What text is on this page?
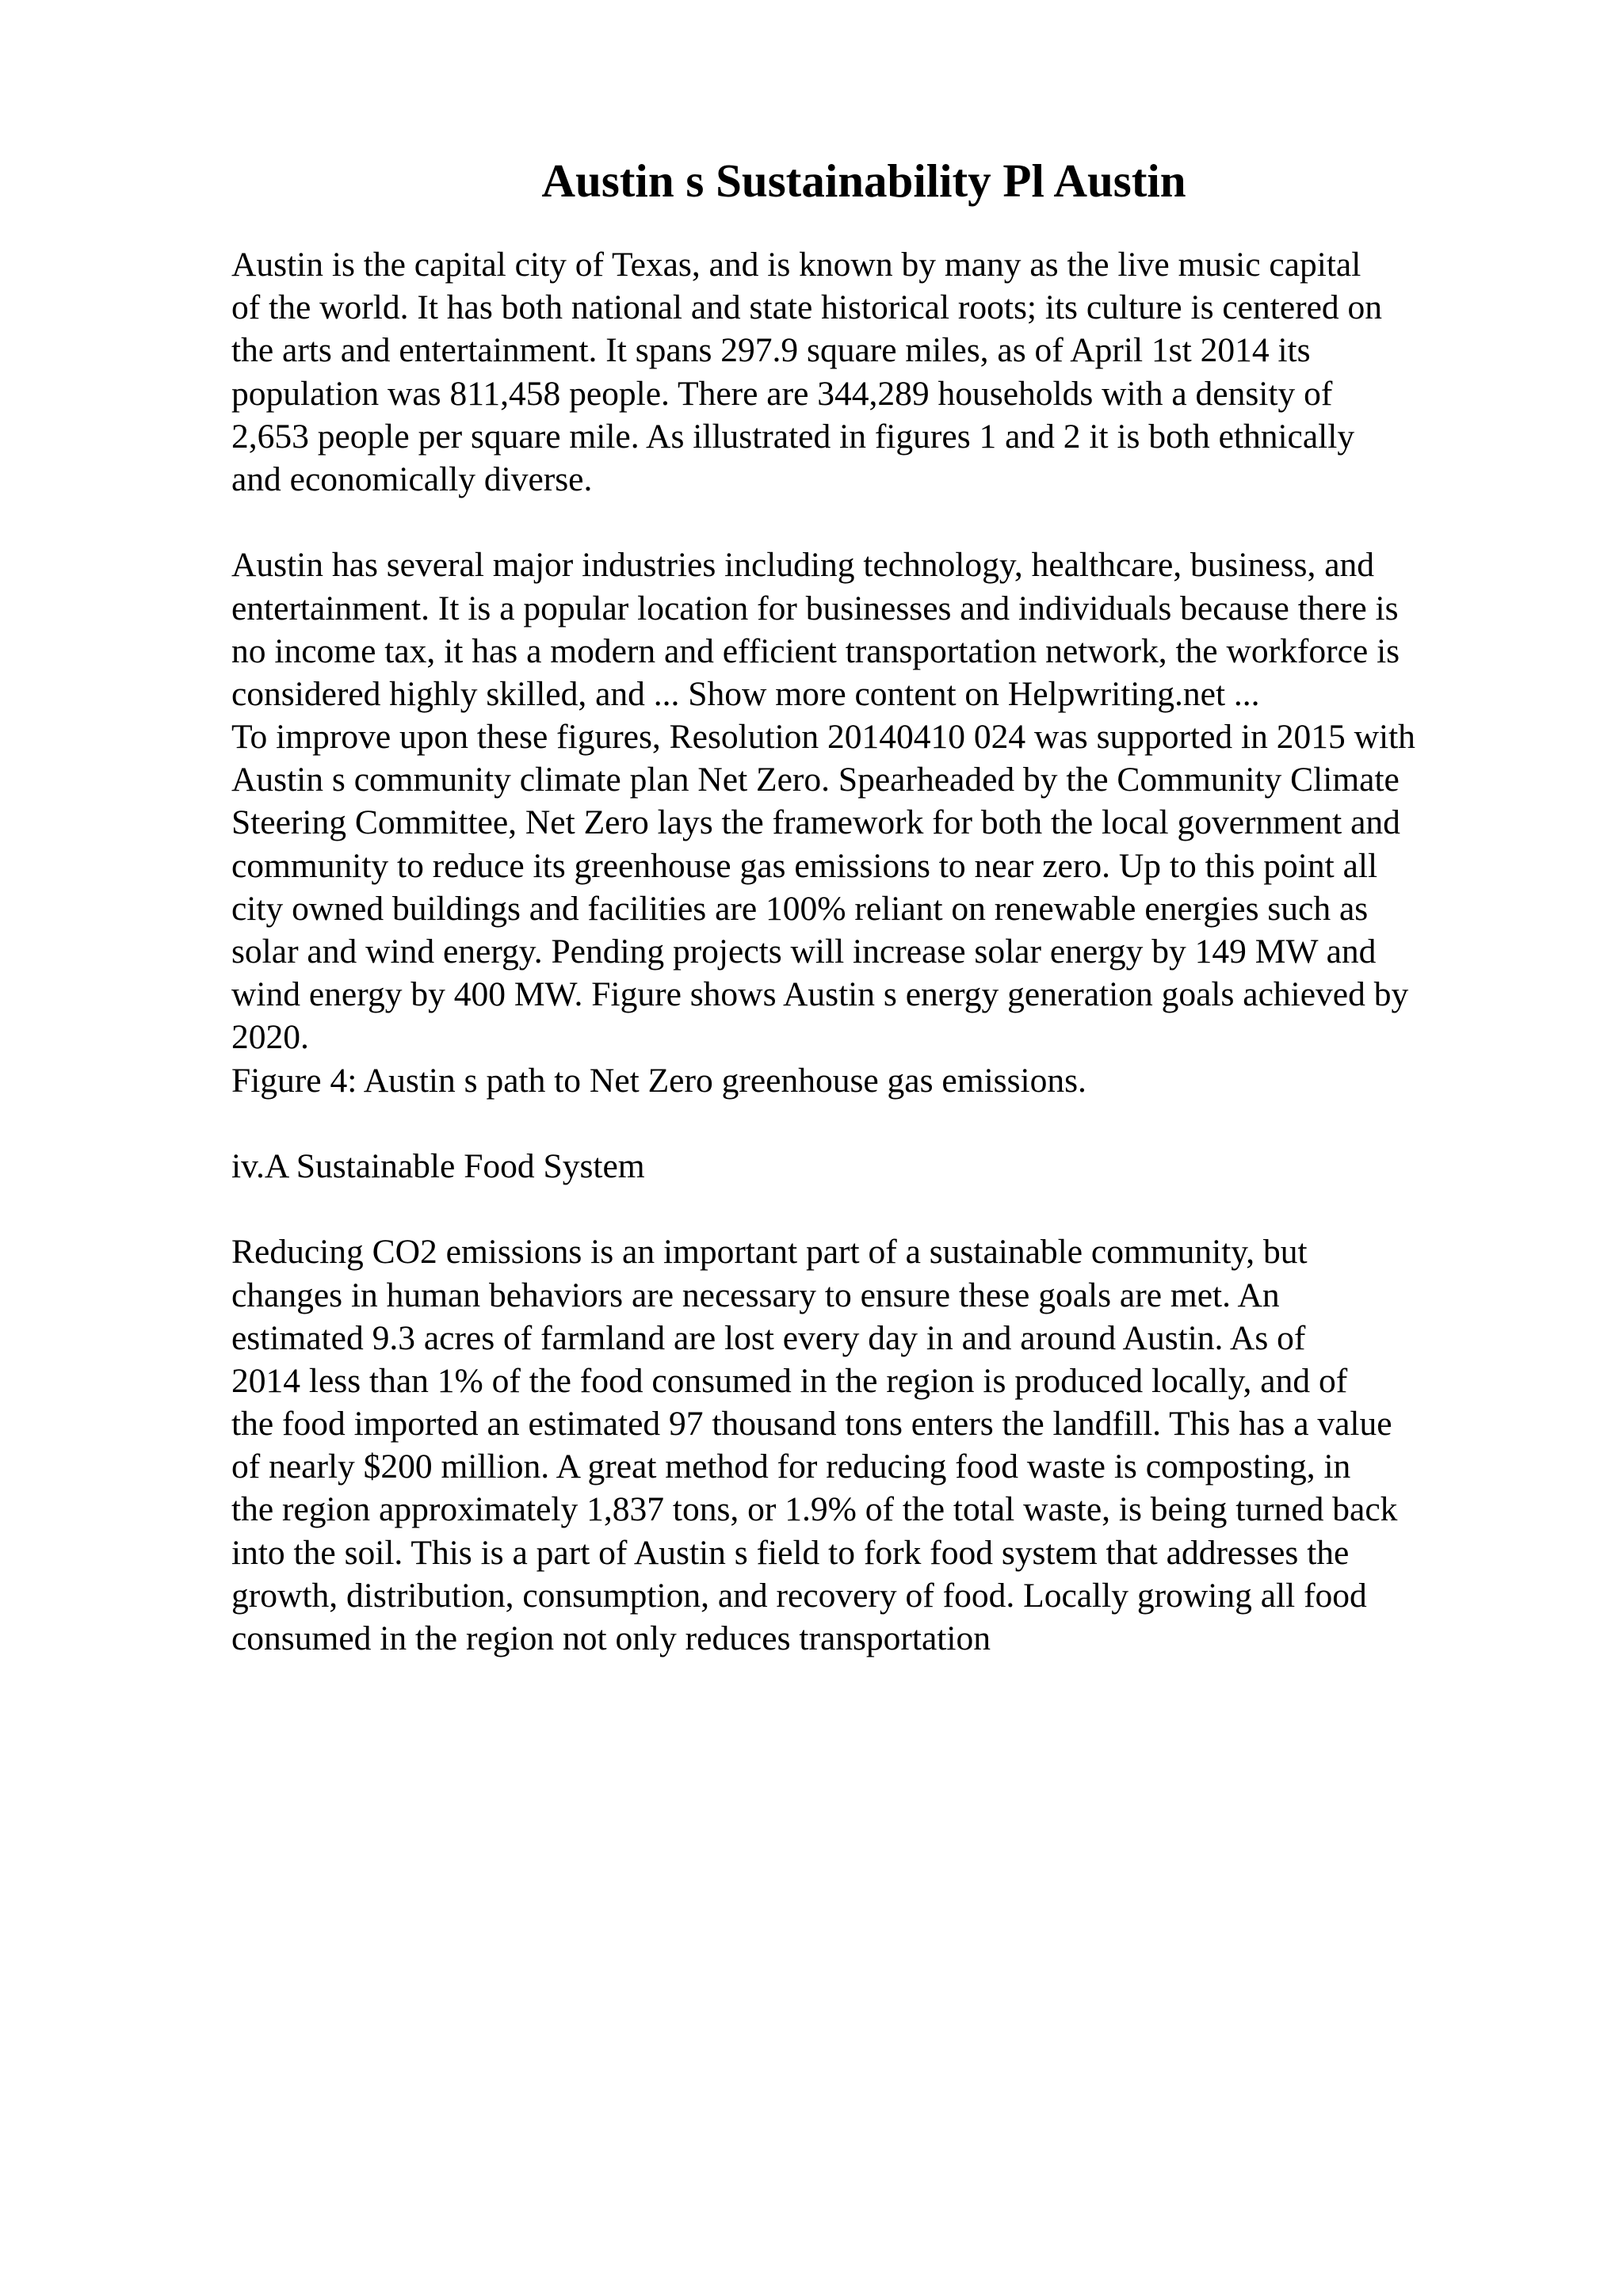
Austin s Sustainability Pl Austin
Austin is the capital city of Texas, and is known by many as the live music capital
of the world. It has both national and state historical roots; its culture is centered on
the arts and entertainment. It spans 297.9 square miles, as of April 1st 2014 its
population was 811,458 people. There are 344,289 households with a density of
2,653 people per square mile. As illustrated in figures 1 and 2 it is both ethnically
and economically diverse.
Austin has several major industries including technology, healthcare, business, and
entertainment. It is a popular location for businesses and individuals because there is
no income tax, it has a modern and efficient transportation network, the workforce is
considered highly skilled, and ... Show more content on Helpwriting.net ...
To improve upon these figures, Resolution 20140410 024 was supported in 2015 with
Austin s community climate plan Net Zero. Spearheaded by the Community Climate
Steering Committee, Net Zero lays the framework for both the local government and
community to reduce its greenhouse gas emissions to near zero. Up to this point all
city owned buildings and facilities are 100% reliant on renewable energies such as
solar and wind energy. Pending projects will increase solar energy by 149 MW and
wind energy by 400 MW. Figure shows Austin s energy generation goals achieved by
2020.
Figure 4: Austin s path to Net Zero greenhouse gas emissions.
iv.A Sustainable Food System
Reducing CO2 emissions is an important part of a sustainable community, but
changes in human behaviors are necessary to ensure these goals are met. An
estimated 9.3 acres of farmland are lost every day in and around Austin. As of
2014 less than 1% of the food consumed in the region is produced locally, and of
the food imported an estimated 97 thousand tons enters the landfill. This has a value
of nearly $200 million. A great method for reducing food waste is composting, in
the region approximately 1,837 tons, or 1.9% of the total waste, is being turned back
into the soil. This is a part of Austin s field to fork food system that addresses the
growth, distribution, consumption, and recovery of food. Locally growing all food
consumed in the region not only reduces transportation
